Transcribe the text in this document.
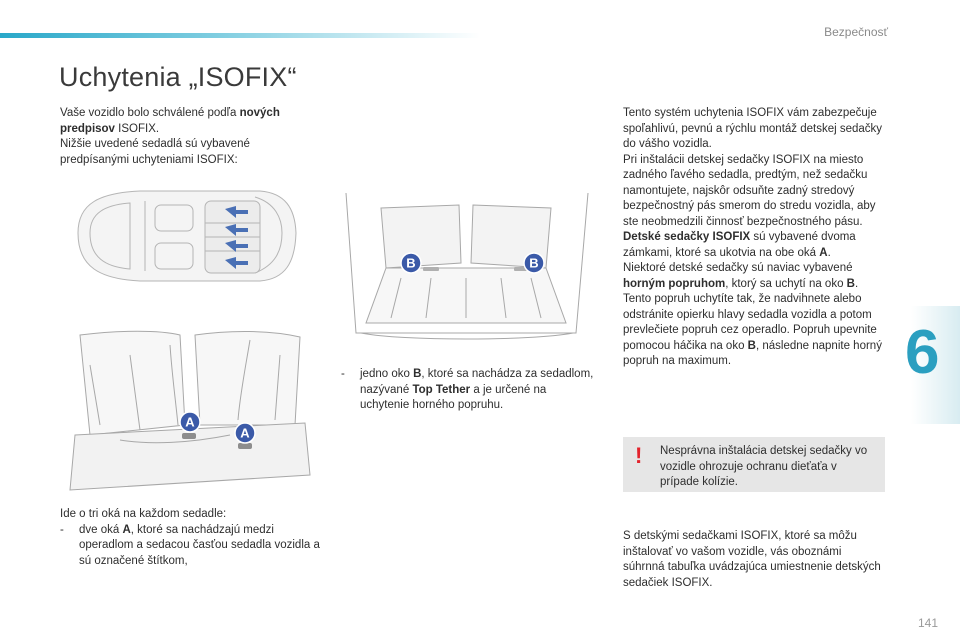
Bezpečnosť
Uchytenia „ISOFIX“
Vaše vozidlo bolo schválené podľa nových predpisov ISOFIX.
Nižšie uvedené sedadlá sú vybavené predpísanými uchyteniami ISOFIX:
A
A
B	B
- jedno oko B, ktoré sa nachádza za sedadlom, nazývané Top Tether a je určené na uchytenie horného popruhu.
Ide o tri oká na každom sedadle:
- dve oká A, ktoré sa nachádzajú medzi operadlom a sedacou časťou sedadla vozidla a sú označené štítkom,
Tento systém uchytenia ISOFIX vám zabezpečuje spoľahlivú, pevnú a rýchlu montáž detskej sedačky do vášho vozidla.
Pri inštalácii detskej sedačky ISOFIX na miesto zadného ľavého sedadla, predtým, než sedačku namontujete, najskôr odsuňte zadný stredový bezpečnostný pás smerom do stredu vozidla, aby ste neobmedzili činnosť bezpečnostného pásu.
Detské sedačky ISOFIX sú vybavené dvoma zámkami, ktoré sa ukotvia na obe oká A.
Niektoré detské sedačky sú naviac vybavené horným popruhom, ktorý sa uchytí na oko B.
Tento popruh uchytíte tak, že nadvihnete alebo odstránite opierku hlavy sedadla vozidla a potom prevlečiete popruh cez operadlo. Popruh upevnite pomocou háčika na oko B, následne napnite horný popruh na maximum.
! Nesprávna inštalácia detskej sedačky vo vozidle ohrozuje ochranu dieťaťa v prípade kolízie.
S detskými sedačkami ISOFIX, ktoré sa môžu inštalovať vo vašom vozidle, vás oboznámi súhrnná tabuľka uvádzajúca umiestnenie detských sedačiek ISOFIX.
6
141
